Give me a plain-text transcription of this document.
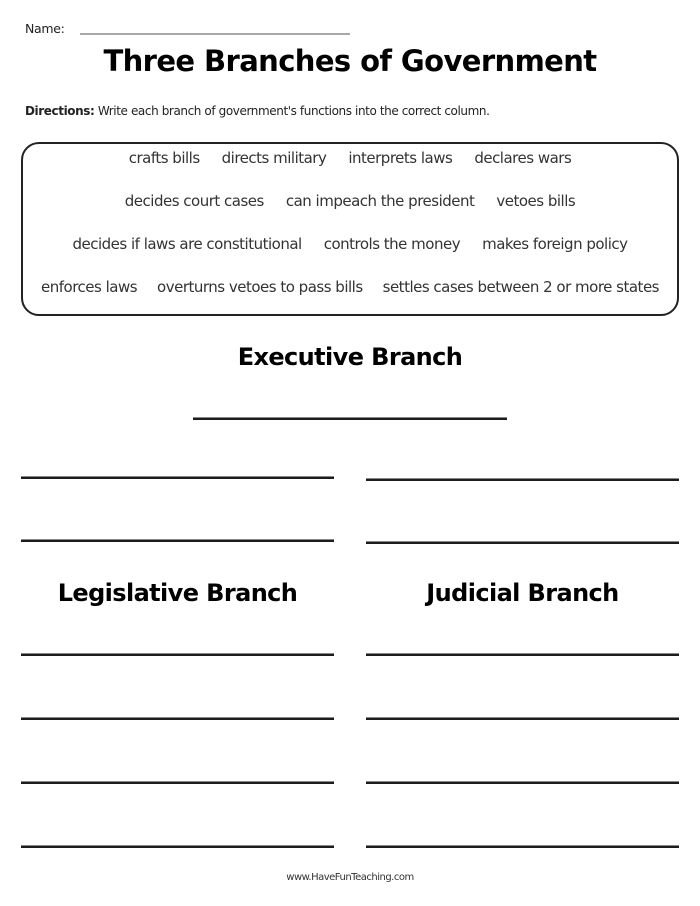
Name:
Three Branches of Government
Directions: Write each branch of government's functions into the correct column.
crafts bills directs military interprets laws declares wars
decides court cases can impeach the president vetoes bills
decides if laws are constitutional controls the money makes foreign policy
enforces laws overturns vetoes to pass bills settles cases between 2 or more states
Executive Branch
Legislative Branch	Judicial Branch
www.HaveFunTeaching.com
